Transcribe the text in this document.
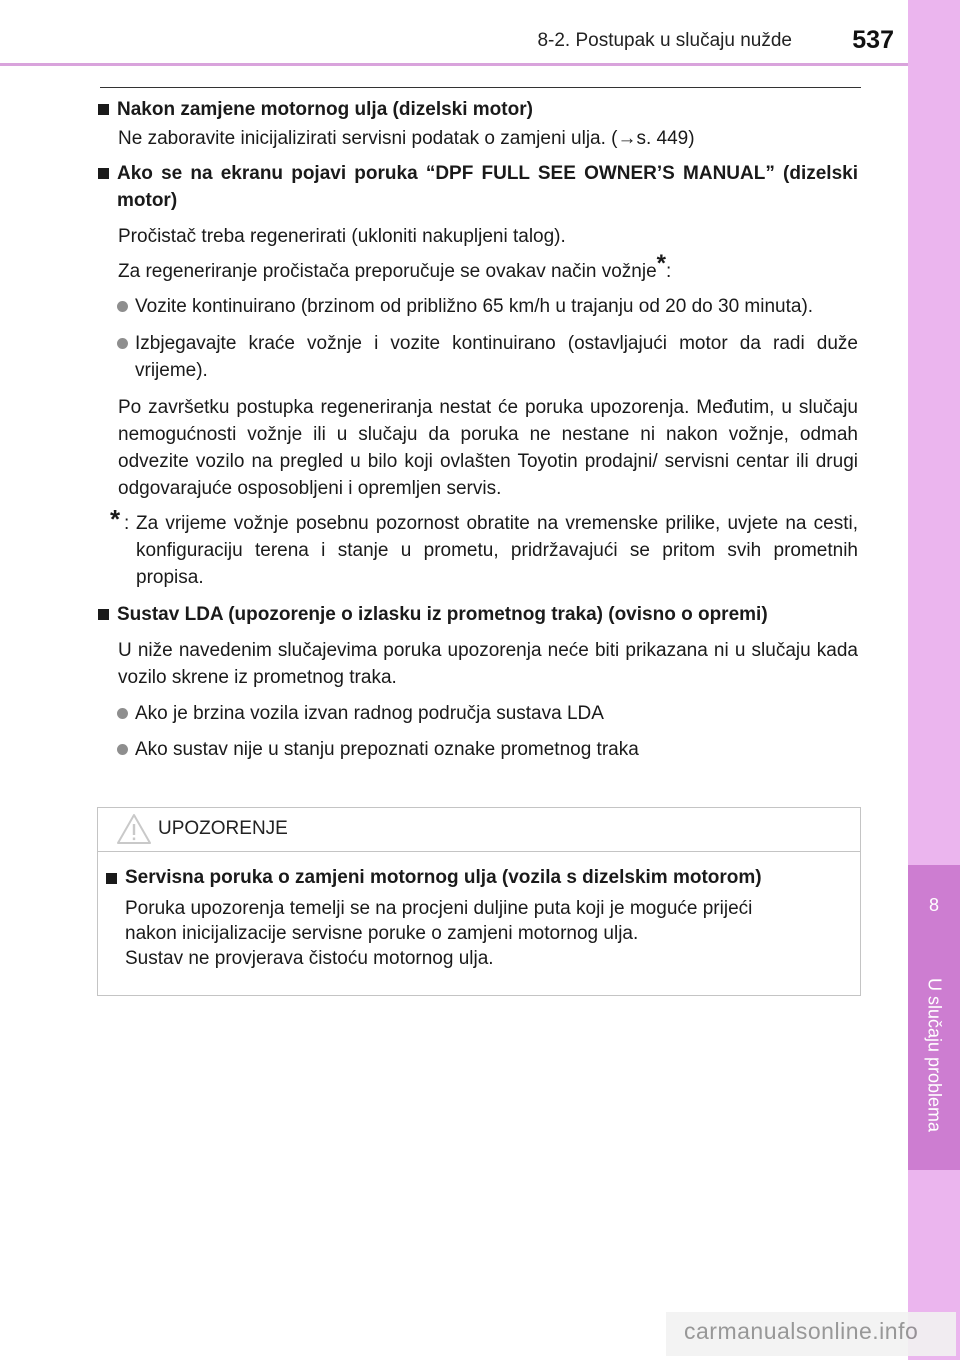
8-2. Postupak u slučaju nužde	537
8
U slučaju problema

Nakon zamjene motornog ulja (dizelski motor)

Ne zaboravite inicijalizirati servisni podatak o zamjeni ulja. (→s. 449)

Ako se na ekranu pojavi poruka “DPF FULL SEE OWNER’S MANUAL” (dizelski motor)

Pročistač treba regenerirati (ukloniti nakupljeni talog).

Za regeneriranje pročistača preporučuje se ovakav način vožnje*:

Vozite kontinuirano (brzinom od približno 65 km/h u trajanju od 20 do 30 minuta).

Izbjegavajte kraće vožnje i vozite kontinuirano (ostavljajući motor da radi duže vrijeme).

Po završetku postupka regeneriranja nestat će poruka upozorenja. Međutim, u slučaju nemogućnosti vožnje ili u slučaju da poruka ne nestane ni nakon vožnje, odmah odvezite vozilo na pregled u bilo koji ovlašten Toyotin prodajni/ servisni centar ili drugi odgovarajuće osposobljeni i opremljen servis.

* : Za vrijeme vožnje posebnu pozornost obratite na vremenske prilike, uvjete na cesti, konfiguraciju terena i stanje u prometu, pridržavajući se pritom svih prometnih propisa.

Sustav LDA (upozorenje o izlasku iz prometnog traka) (ovisno o opremi)

U niže navedenim slučajevima poruka upozorenja neće biti prikazana ni u slučaju kada vozilo skrene iz prometnog traka.

Ako je brzina vozila izvan radnog područja sustava LDA

Ako sustav nije u stanju prepoznati oznake prometnog traka

UPOZORENJE

Servisna poruka o zamjeni motornog ulja (vozila s dizelskim motorom)

Poruka upozorenja temelji se na procjeni duljine puta koji je moguće prijeći

nakon inicijalizacije servisne poruke o zamjeni motornog ulja.

Sustav ne provjerava čistoću motornog ulja.

carmanualsonline.info
